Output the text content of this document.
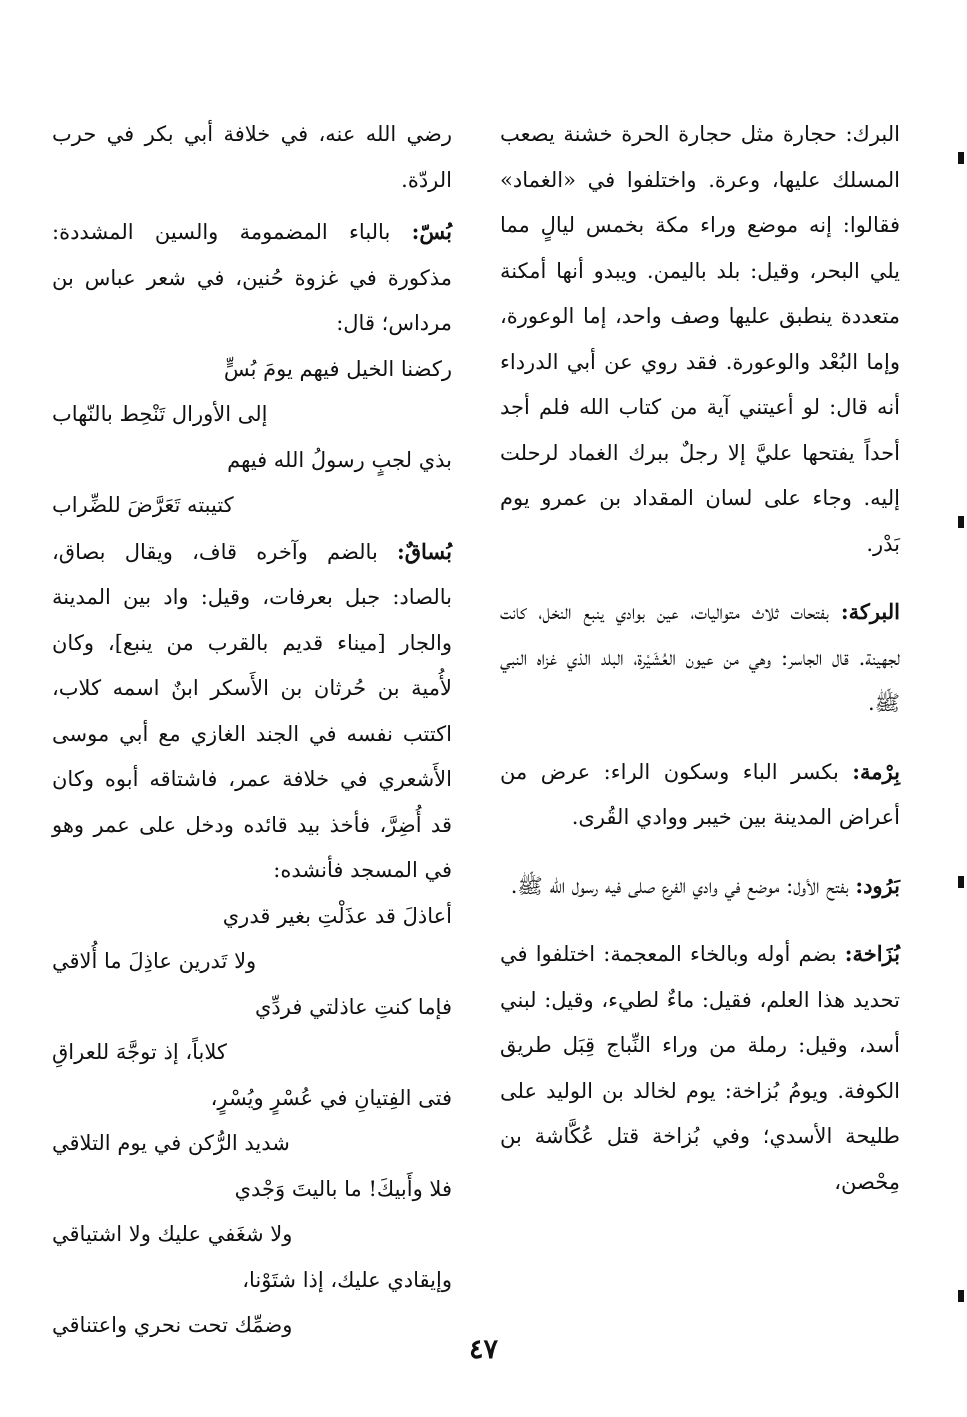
البرك: حجارة مثل حجارة الحرة خشنة يصعب المسلك عليها، وعرة. واختلفوا في «الغماد» فقالوا: إنه موضع وراء مكة بخمس ليالٍ مما يلي البحر، وقيل: بلد باليمن. ويبدو أنها أمكنة متعددة ينطبق عليها وصف واحد، إما الوعورة، وإما البُعْد والوعورة. فقد روي عن أبي الدرداء أنه قال: لو أعيتني آية من كتاب الله فلم أجد أحداً يفتحها عليَّ إلا رجلٌ ببرك الغماد لرحلت إليه. وجاء على لسان المقداد بن عمرو يوم بَدْر.

البركة: بفتحات ثلاث متواليات، عين بوادي ينبع النخل، كانت لجهينة. قال الجاسر: وهي من عيون العُشَيْرة، البلد الذي غزاه النبي ﷺ.

بِرْمة: بكسر الباء وسكون الراء: عرض من أعراض المدينة بين خيبر ووادي القُرى.

بَرُود: بفتح الأول: موضع في وادي الفرع صلى فيه رسول الله ﷺ.

بُزَاخة: بضم أوله وبالخاء المعجمة: اختلفوا في تحديد هذا العلم، فقيل: ماءٌ لطيء، وقيل: لبني أسد، وقيل: رملة من وراء النِّباج قِبَل طريق الكوفة. ويومُ بُزاخة: يوم لخالد بن الوليد على طليحة الأسدي؛ وفي بُزاخة قتل عُكَّاشة بن مِحْصن،

رضي الله عنه، في خلافة أبي بكر في حرب الردّة.

بُسّ: بالباء المضمومة والسين المشددة: مذكورة في غزوة حُنين، في شعر عباس بن مرداس؛ قال:

ركضنا الخيل فيهم يومَ بُسٍّ

إلى الأورال تَنْحِط بالنّهاب

بذي لجبٍ رسولُ الله فيهم

كتيبته تَعَرَّضَ للضِّراب

بُساقٌ: بالضم وآخره قاف، ويقال بصاق، بالصاد: جبل بعرفات، وقيل: واد بين المدينة والجار [ميناء قديم بالقرب من ينبع]، وكان لأُمية بن حُرثان بن الأَسكر ابنٌ اسمه كلاب، اكتتب نفسه في الجند الغازي مع أبي موسى الأَشعري في خلافة عمر، فاشتاقه أبوه وكان قد أُضِرَّ، فأخذ بيد قائده ودخل على عمر وهو في المسجد فأنشده:

أعاذلَ قد عذَلْتِ بغير قدري

ولا تَدرين عاذِلَ ما أُلاقي

فإما كنتِ عاذلتي فردِّي

كلاباً، إذ توجَّهَ للعراقِ

فتى الفِتيانِ في عُسْرٍ ويُسْرٍ،

شديد الرُّكن في يوم التلاقي

فلا وأَبيكَ! ما باليتَ وَجْدي

ولا شغَفي عليك ولا اشتياقي

وإيقادي عليك، إذا شتَوْنا،

وضمِّك تحت نحري واعتناقي

٤٧
